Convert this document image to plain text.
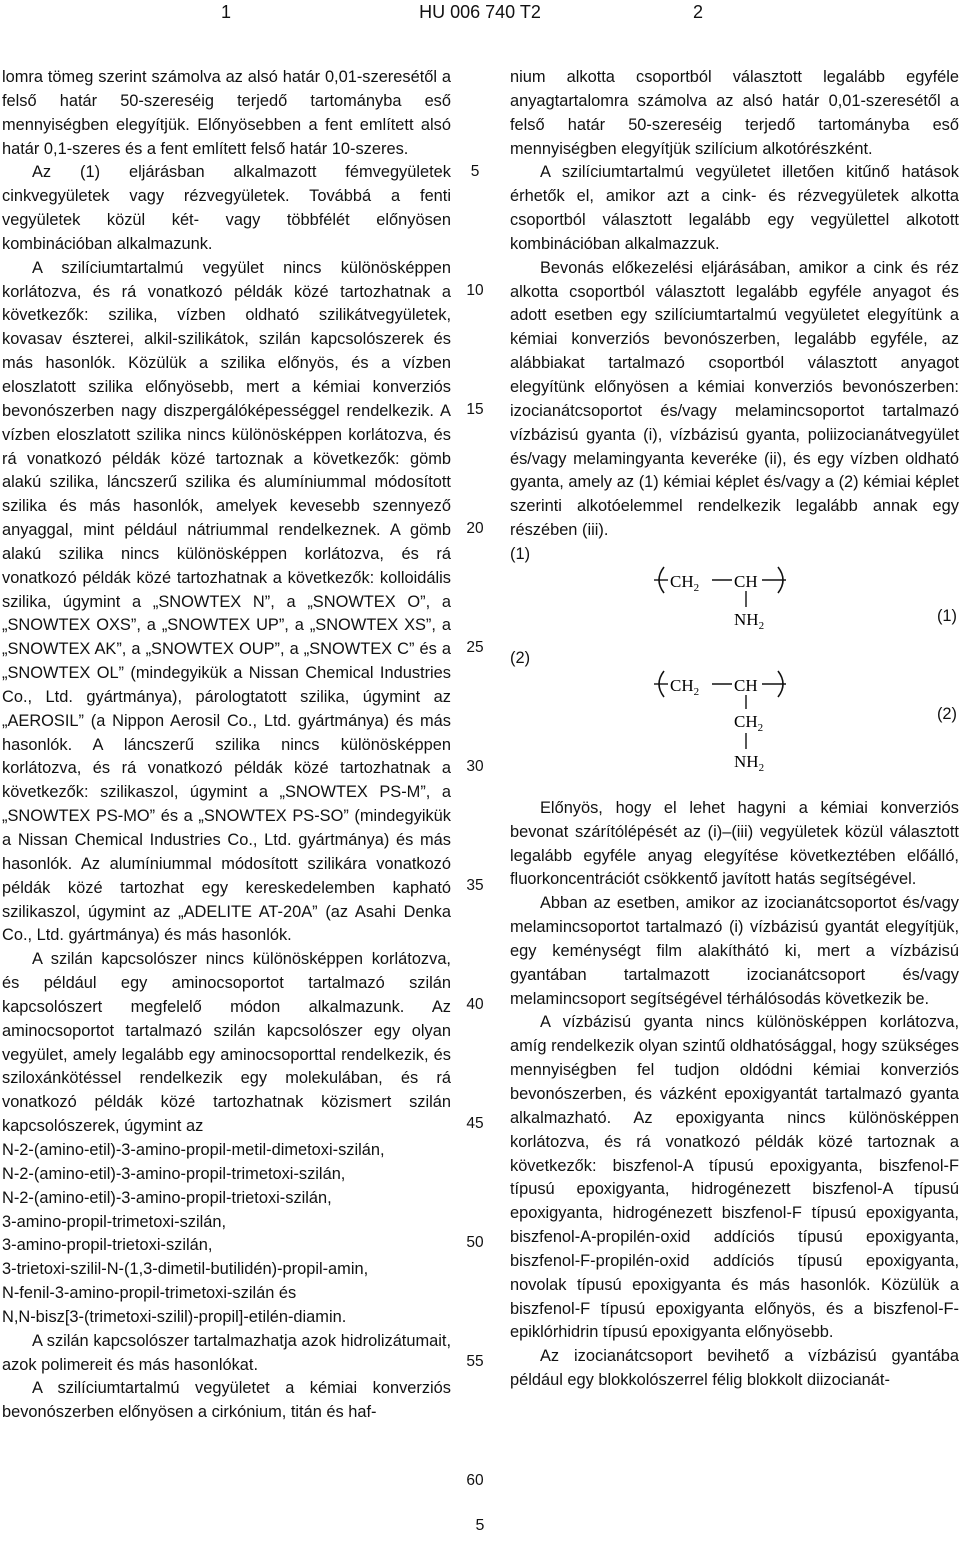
1	HU 006 740 T2	2

lomra tömeg szerint számolva az alsó határ 0,01-szeresétől a felső határ 50-szereséig terjedő tartományba eső mennyiségben elegyítjük. Előnyösebben a fent említett alsó határ 0,1-szeres és a fent említett felső határ 10-szeres.

Az (1) eljárásban alkalmazott fémvegyületek cinkvegyületek vagy rézvegyületek. Továbbá a fenti vegyületek közül két- vagy többfélét előnyösen kombinációban alkalmazunk.

A szilíciumtartalmú vegyület nincs különösképpen korlátozva, és rá vonatkozó példák közé tartozhatnak a következők: szilika, vízben oldható szilikátvegyületek, kovasav észterei, alkil-szilikátok, szilán kapcsolószerek és más hasonlók. Közülük a szilika előnyös, és a vízben eloszlatott szilika előnyösebb, mert a kémiai konverziós bevonószerben nagy diszpergálóképességgel rendelkezik. A vízben eloszlatott szilika nincs különösképpen korlátozva, és rá vonatkozó példák közé tartoznak a következők: gömb alakú szilika, láncszerű szilika és alumíniummal módosított szilika és más hasonlók, amelyek kevesebb szennyező anyaggal, mint például nátriummal rendelkeznek. A gömb alakú szilika nincs különösképpen korlátozva, és rá vonatkozó példák közé tartozhatnak a következők: kolloidális szilika, úgymint a „SNOWTEX N”, a „SNOWTEX O”, a „SNOWTEX OXS”, a „SNOWTEX UP”, a „SNOWTEX XS”, a „SNOWTEX AK”, a „SNOWTEX OUP”, a „SNOWTEX C” és a „SNOWTEX OL” (mindegyikük a Nissan Chemical Industries Co., Ltd. gyártmánya), párologtatott szilika, úgymint az „AEROSIL” (a Nippon Aerosil Co., Ltd. gyártmánya) és más hasonlók. A láncszerű szilika nincs különösképpen korlátozva, és rá vonatkozó példák közé tartozhatnak a következők: szilikaszol, úgymint a „SNOWTEX PS-M”, a „SNOWTEX PS-MO” és a „SNOWTEX PS-SO” (mindegyikük a Nissan Chemical Industries Co., Ltd. gyártmánya) és más hasonlók. Az alumíniummal módosított szilikára vonatkozó példák közé tartozhat egy kereskedelemben kapható szilikaszol, úgymint az „ADELITE AT-20A” (az Asahi Denka Co., Ltd. gyártmánya) és más hasonlók.

A szilán kapcsolószer nincs különösképpen korlátozva, és például egy aminocsoportot tartalmazó szilán kapcsolószert megfelelő módon alkalmazunk. Az aminocsoportot tartalmazó szilán kapcsolószer egy olyan vegyület, amely legalább egy aminocsoporttal rendelkezik, és sziloxánkötéssel rendelkezik egy molekulában, és rá vonatkozó példák közé tartozhatnak közismert szilán kapcsolószerek, úgymint az

N-2-(amino-etil)-3-amino-propil-metil-dimetoxi-szilán,

N-2-(amino-etil)-3-amino-propil-trimetoxi-szilán,

N-2-(amino-etil)-3-amino-propil-trietoxi-szilán,

3-amino-propil-trimetoxi-szilán,

3-amino-propil-trietoxi-szilán,

3-trietoxi-szilil-N-(1,3-dimetil-butilidén)-propil-amin,

N-fenil-3-amino-propil-trimetoxi-szilán és

N,N-bisz[3-(trimetoxi-szilil)-propil]-etilén-diamin.

A szilán kapcsolószer tartalmazhatja azok hidrolizátumait, azok polimereit és más hasonlókat.

A szilíciumtartalmú vegyületet a kémiai konverziós bevonószerben előnyösen a cirkónium, titán és haf-

5
10
15
20
25
30
35
40
45
50
55
60

nium alkotta csoportból választott legalább egyféle anyagtartalomra számolva az alsó határ 0,01-szeresétől a felső határ 50-szereséig terjedő tartományba eső mennyiségben elegyítjük szilícium alkotórészként.

A szilíciumtartalmú vegyületet illetően kitűnő hatások érhetők el, amikor azt a cink- és rézvegyületek alkotta csoportból választott legalább egy vegyülettel alkotott kombinációban alkalmazzuk.

Bevonás előkezelési eljárásában, amikor a cink és réz alkotta csoportból választott legalább egyféle anyagot és adott esetben egy szilíciumtartalmú vegyületet elegyítünk a kémiai konverziós bevonószerben, legalább egyféle, az alábbiakat tartalmazó csoportból választott anyagot elegyítünk előnyösen a kémiai konverziós bevonószerben: izocianátcsoportot és/vagy melamincsoportot tartalmazó vízbázisú gyanta (i), vízbázisú gyanta, poliizocianátvegyület és/vagy melamingyanta keveréke (ii), és egy vízben oldható gyanta, amely az (1) kémiai képlet és/vagy a (2) kémiai képlet szerinti alkotóelemmel rendelkezik legalább annak egy részében (iii).

(1)
$CH_2$ CH
$NH_2$
(1)
(2)
$CH_2$ CH
$CH_2$
$NH_2$
(2)

Előnyös, hogy el lehet hagyni a kémiai konverziós bevonat szárítólépését az (i)–(iii) vegyületek közül választott legalább egyféle anyag elegyítése következtében előálló, fluorkoncentrációt csökkentő javított hatás segítségével.

Abban az esetben, amikor az izocianátcsoportot és/vagy melamincsoportot tartalmazó (i) vízbázisú gyantát elegyítjük, egy keménységt film alakíthátó ki, mert a vízbázisú gyantában tartalmazott izocianátcsoport és/vagy melamincsoport segítségével térhálósodás következik be.

A vízbázisú gyanta nincs különösképpen korlátozva, amíg rendelkezik olyan szintű oldhatósággal, hogy szükséges mennyiségben fel tudjon oldódni kémiai konverziós bevonószerben, és vázként epoxigyantát tartalmazó gyanta alkalmazható. Az epoxigyanta nincs különösképpen korlátozva, és rá vonatkozó példák közé tartoznak a következők: biszfenol-A típusú epoxigyanta, biszfenol-F típusú epoxigyanta, hidrogénezett biszfenol-A típusú epoxigyanta, hidrogénezett biszfenol-F típusú epoxigyanta, biszfenol-A-propilén-oxid addíciós típusú epoxigyanta, biszfenol-F-propilén-oxid addíciós típusú epoxigyanta, novolak típusú epoxigyanta és más hasonlók. Közülük a biszfenol-F típusú epoxigyanta előnyös, és a biszfenol-F-epiklórhidrin típusú epoxigyanta előnyösebb.

Az izocianátcsoport bevihető a vízbázisú gyantába például egy blokkolószerrel félig blokkolt diizocianát-

5
